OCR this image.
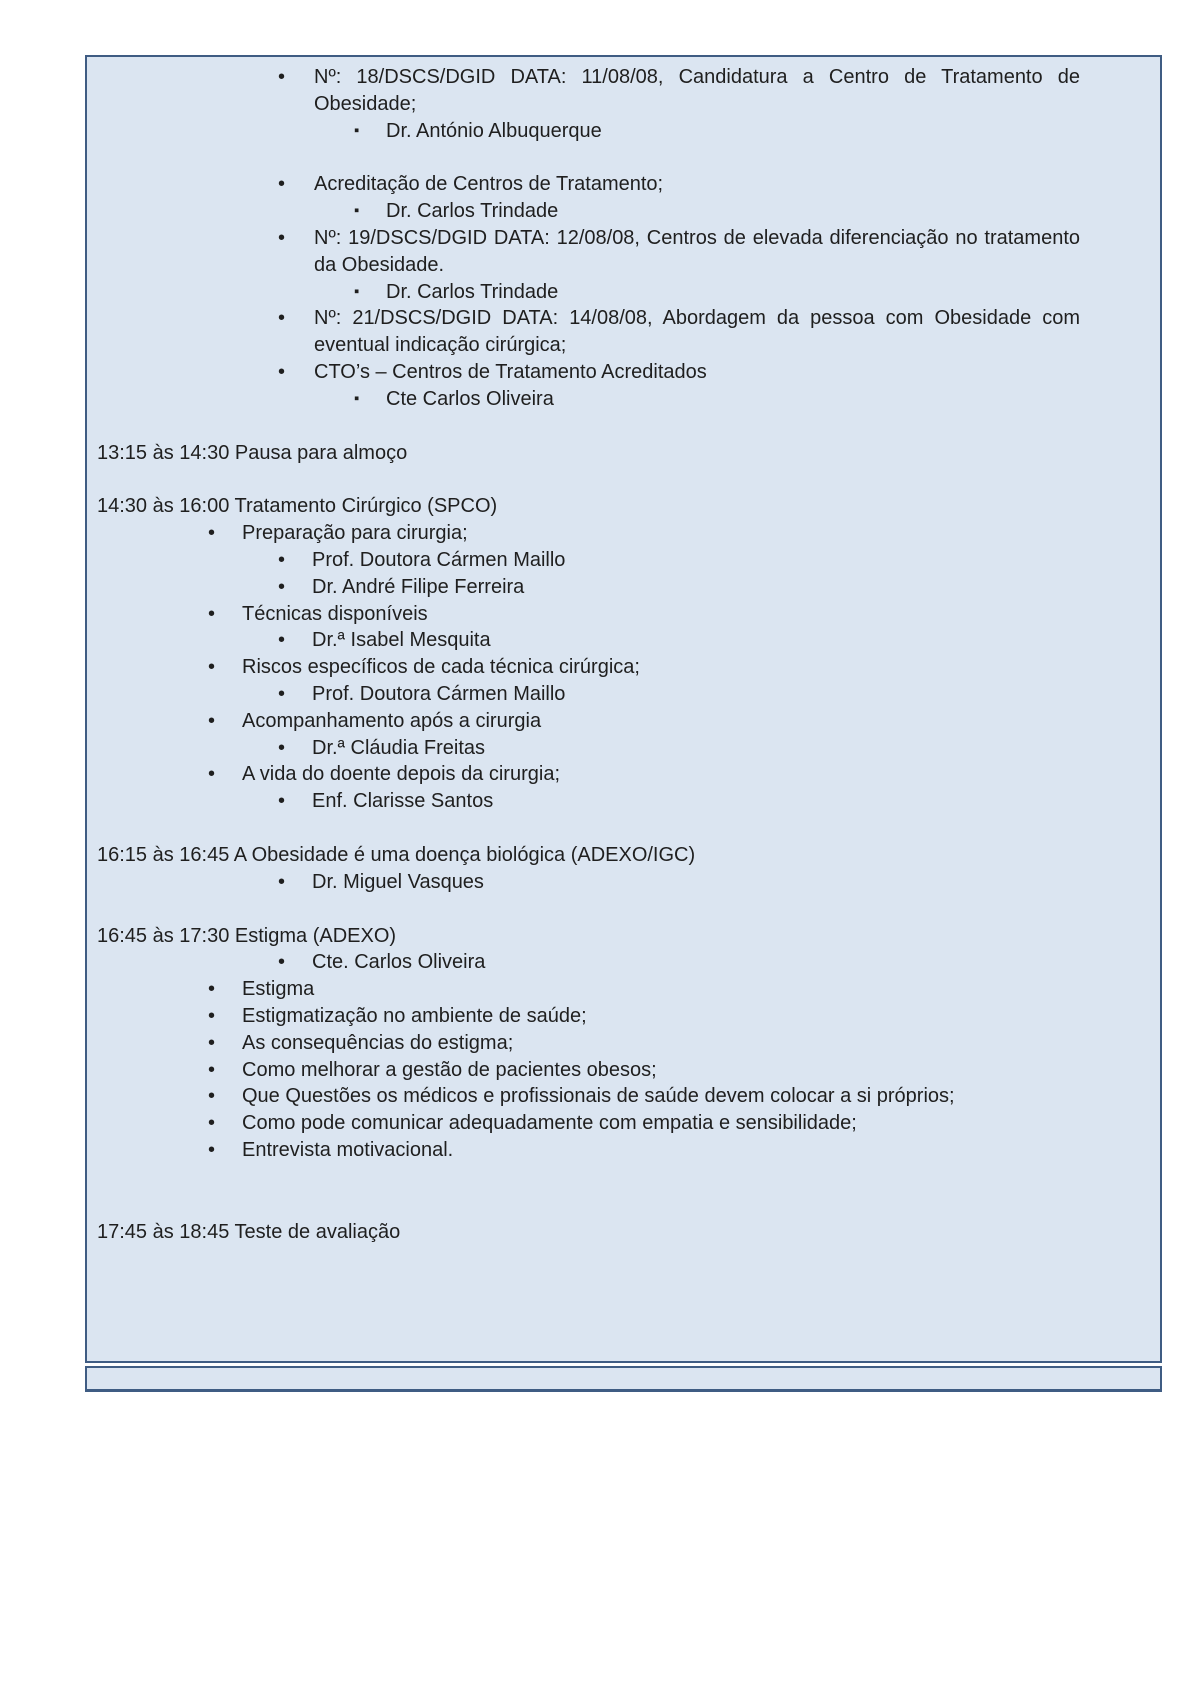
• Nº: 18/DSCS/DGID DATA: 11/08/08, Candidatura a Centro de Tratamento de
Obesidade;
▪ Dr. António Albuquerque
• Acreditação de Centros de Tratamento;
▪ Dr. Carlos Trindade
• Nº: 19/DSCS/DGID DATA: 12/08/08, Centros de elevada diferenciação no tratamento
da Obesidade.
▪ Dr. Carlos Trindade
• Nº: 21/DSCS/DGID DATA: 14/08/08, Abordagem da pessoa com Obesidade com
eventual indicação cirúrgica;
• CTO’s – Centros de Tratamento Acreditados
▪ Cte Carlos Oliveira
13:15 às 14:30 Pausa para almoço
14:30 às 16:00 Tratamento Cirúrgico (SPCO)
• Preparação para cirurgia;
• Prof. Doutora Cármen Maillo
• Dr. André Filipe Ferreira
• Técnicas disponíveis
• Dr.ª Isabel Mesquita
• Riscos específicos de cada técnica cirúrgica;
• Prof. Doutora Cármen Maillo
• Acompanhamento após a cirurgia
• Dr.ª Cláudia Freitas
• A vida do doente depois da cirurgia;
• Enf. Clarisse Santos
16:15 às 16:45 A Obesidade é uma doença biológica (ADEXO/IGC)
• Dr. Miguel Vasques
16:45 às 17:30 Estigma (ADEXO)
• Cte. Carlos Oliveira
• Estigma
• Estigmatização no ambiente de saúde;
• As consequências do estigma;
• Como melhorar a gestão de pacientes obesos;
• Que Questões os médicos e profissionais de saúde devem colocar a si próprios;
• Como pode comunicar adequadamente com empatia e sensibilidade;
• Entrevista motivacional.
17:45 às 18:45 Teste de avaliação
